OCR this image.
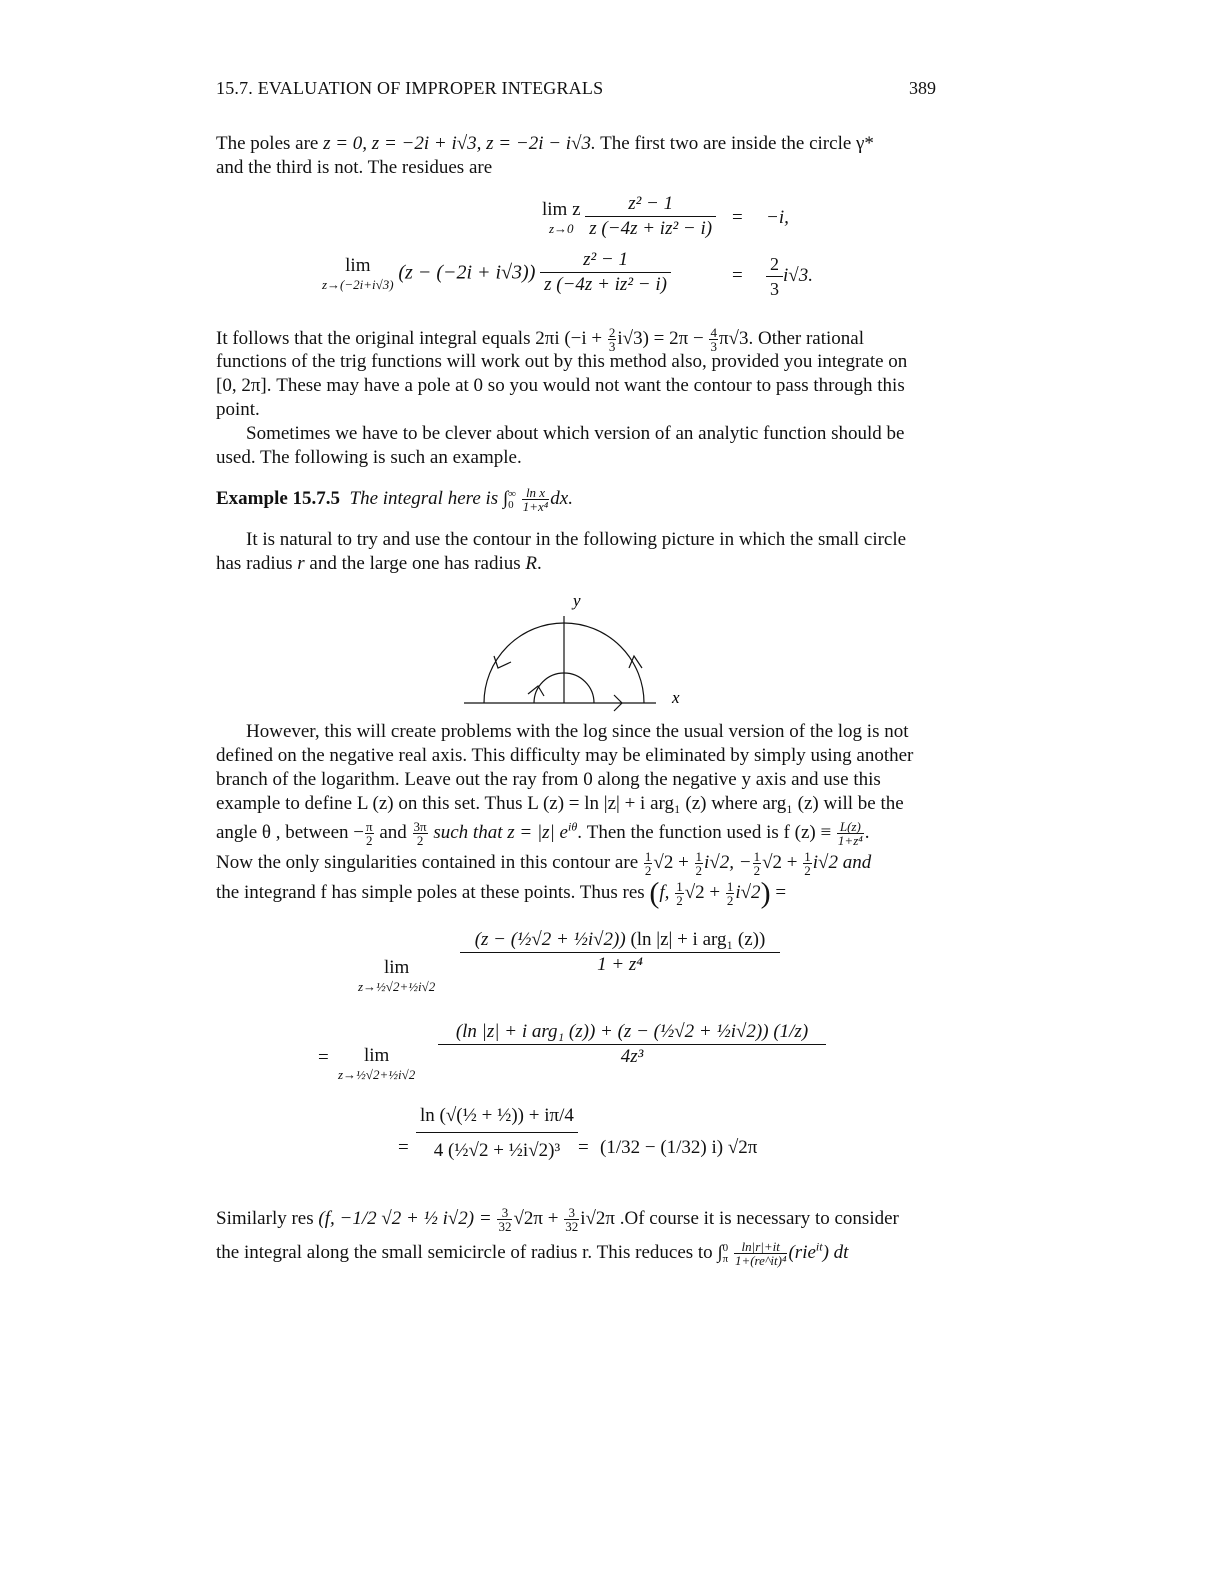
15.7. EVALUATION OF IMPROPER INTEGRALS	389
The poles are z = 0, z = −2i + i√3, z = −2i − i√3. The first two are inside the circle γ*
and the third is not. The residues are
lim z
z→0
$\frac{\text{z² − 1}}{\text{z (−4z + iz² − i)}} = -i$,
lim
z→(−2i+i√3)
$(z - (-2i + i√3)) \frac{\text{z² − 1}}{\text{z (−4z + iz² − i)}}$	= $\frac{2}{3} i√3$.
It follows that the original integral equals 2πi $(-i + \frac{2}{3} i√3) = 2\pi - \frac{4}{3} \pi√3$. Other rational
functions of the trig functions will work out by this method also, provided you integrate on
[0, 2π]. These may have a pole at 0 so you would not want the contour to pass through this
point.
Sometimes we have to be clever about which version of an analytic function should be
used. The following is such an example.
Example 15.7.5 The integral here is ∫ ∞
0
$\frac{\text{ln x}}{\text{1+x⁴}}$ dx.
It is natural to try and use the contour in the following picture in which the small circle
has radius r and the large one has radius R.
y
x
However, this will create problems with the log since the usual version of the log is not
defined on the negative real axis. This difficulty may be eliminated by simply using another
branch of the logarithm. Leave out the ray from 0 along the negative y axis and use this
example to define L (z) on this set. Thus L (z) = ln |z| + i arg₁ (z) where arg₁ (z) will be the
angle θ , between − $\frac{\pi}{2}$ and $\frac{3\pi}{2}$ such that z = |z| $e^{i\theta}$. Then the function used is f $(z) \equiv \frac{L(z)}{\text{1+z⁴}}$ .
Now the only singularities contained in this contour are $\frac{1}{2} √2 + \frac{1}{2} i√2$, − $\frac{1}{2} √2 + \frac{1}{2} i√2$ and
the integrand f has simple poles at these points. Thus res (f, $\frac{1}{2} √2 + \frac{1}{2} i√2$) =
lim
z→½√2+½i√2
$\frac{\text{(z − (½√2 + ½i√2)) (ln |z| + i arg₁ (z))}}{\text{1 + z⁴}}$
=	lim
z→½√2+½i√2
$\frac{\text{(ln |z| + i arg₁ (z)) + (z − (½√2 + ½i√2)) (1/z)}}{\text{4z³}}$
= $\frac{\text{ln (√(½ + ½)) + iπ/4}}{\text{4 (½√2 + ½i√2)³}} = (1/32 - (1/32)$ i) √2π
Similarly res (f, −1/2 √2 + ½ $i√2) = \frac{3}{32} √2\pi + \frac{3}{32} i√2\pi$ .Of course it is necessary to consider
the integral along the small semicircle of radius r. This reduces to ∫ 0
π
$\frac{\ln|r|+it}{\text{1+(re\textasciicircum{}it)⁴}} (rie^{it})$ dt
